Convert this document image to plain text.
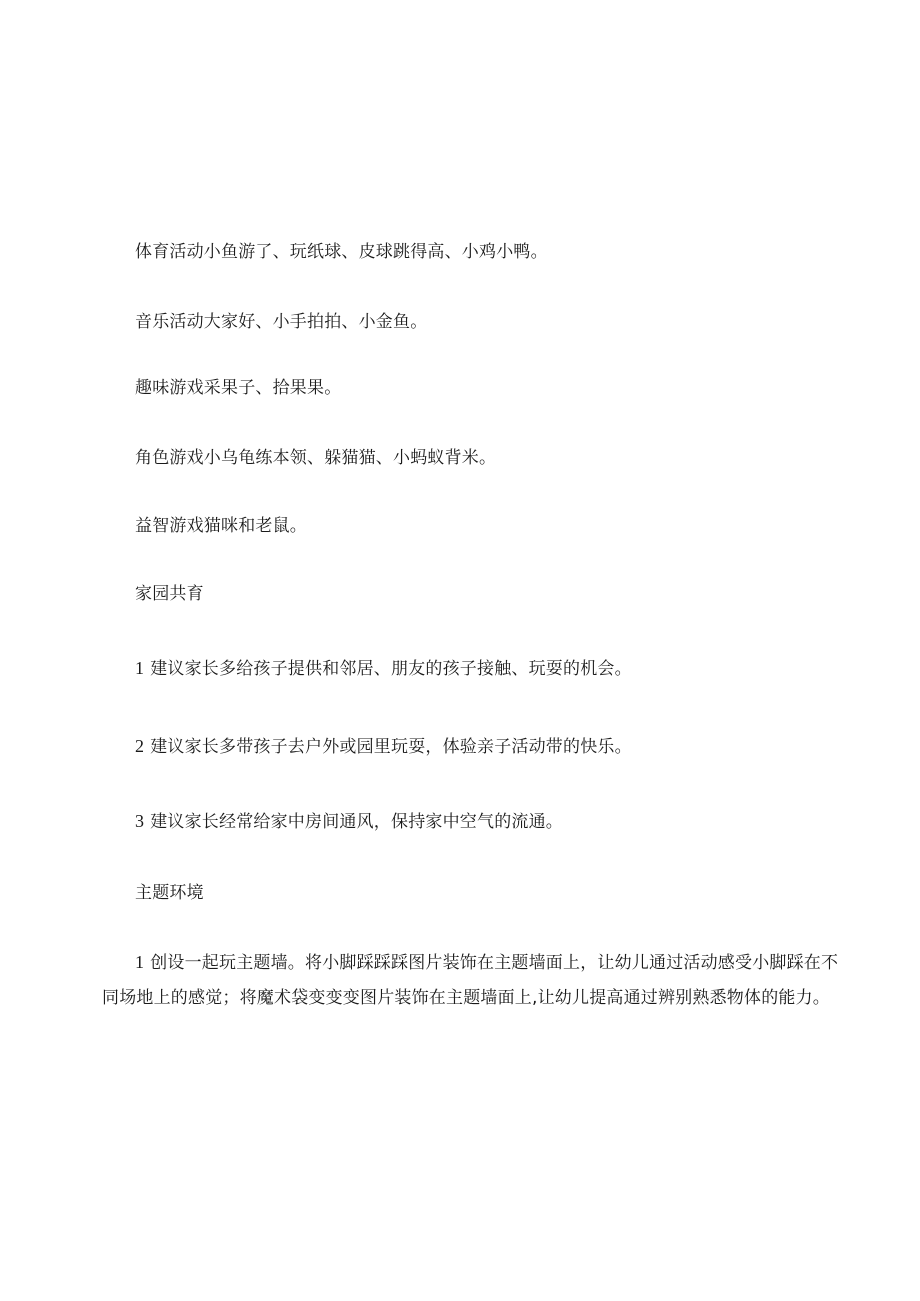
体育活动小鱼游了、玩纸球、皮球跳得高、小鸡小鸭。
音乐活动大家好、小手拍拍、小金鱼。
趣味游戏采果子、拾果果。
角色游戏小乌龟练本领、躲猫猫、小蚂蚁背米。
益智游戏猫咪和老鼠。
家园共育
1 建议家长多给孩子提供和邻居、朋友的孩子接触、玩耍的机会。
2 建议家长多带孩子去户外或园里玩耍，体验亲子活动带的快乐。
3 建议家长经常给家中房间通风，保持家中空气的流通。
主题环境
1 创设一起玩主题墙。将小脚踩踩踩图片装饰在主题墙面上，让幼儿通过活动感受小脚踩在不
同场地上的感觉；将魔术袋变变变图片装饰在主题墙面上,让幼儿提高通过辨别熟悉物体的能力。
